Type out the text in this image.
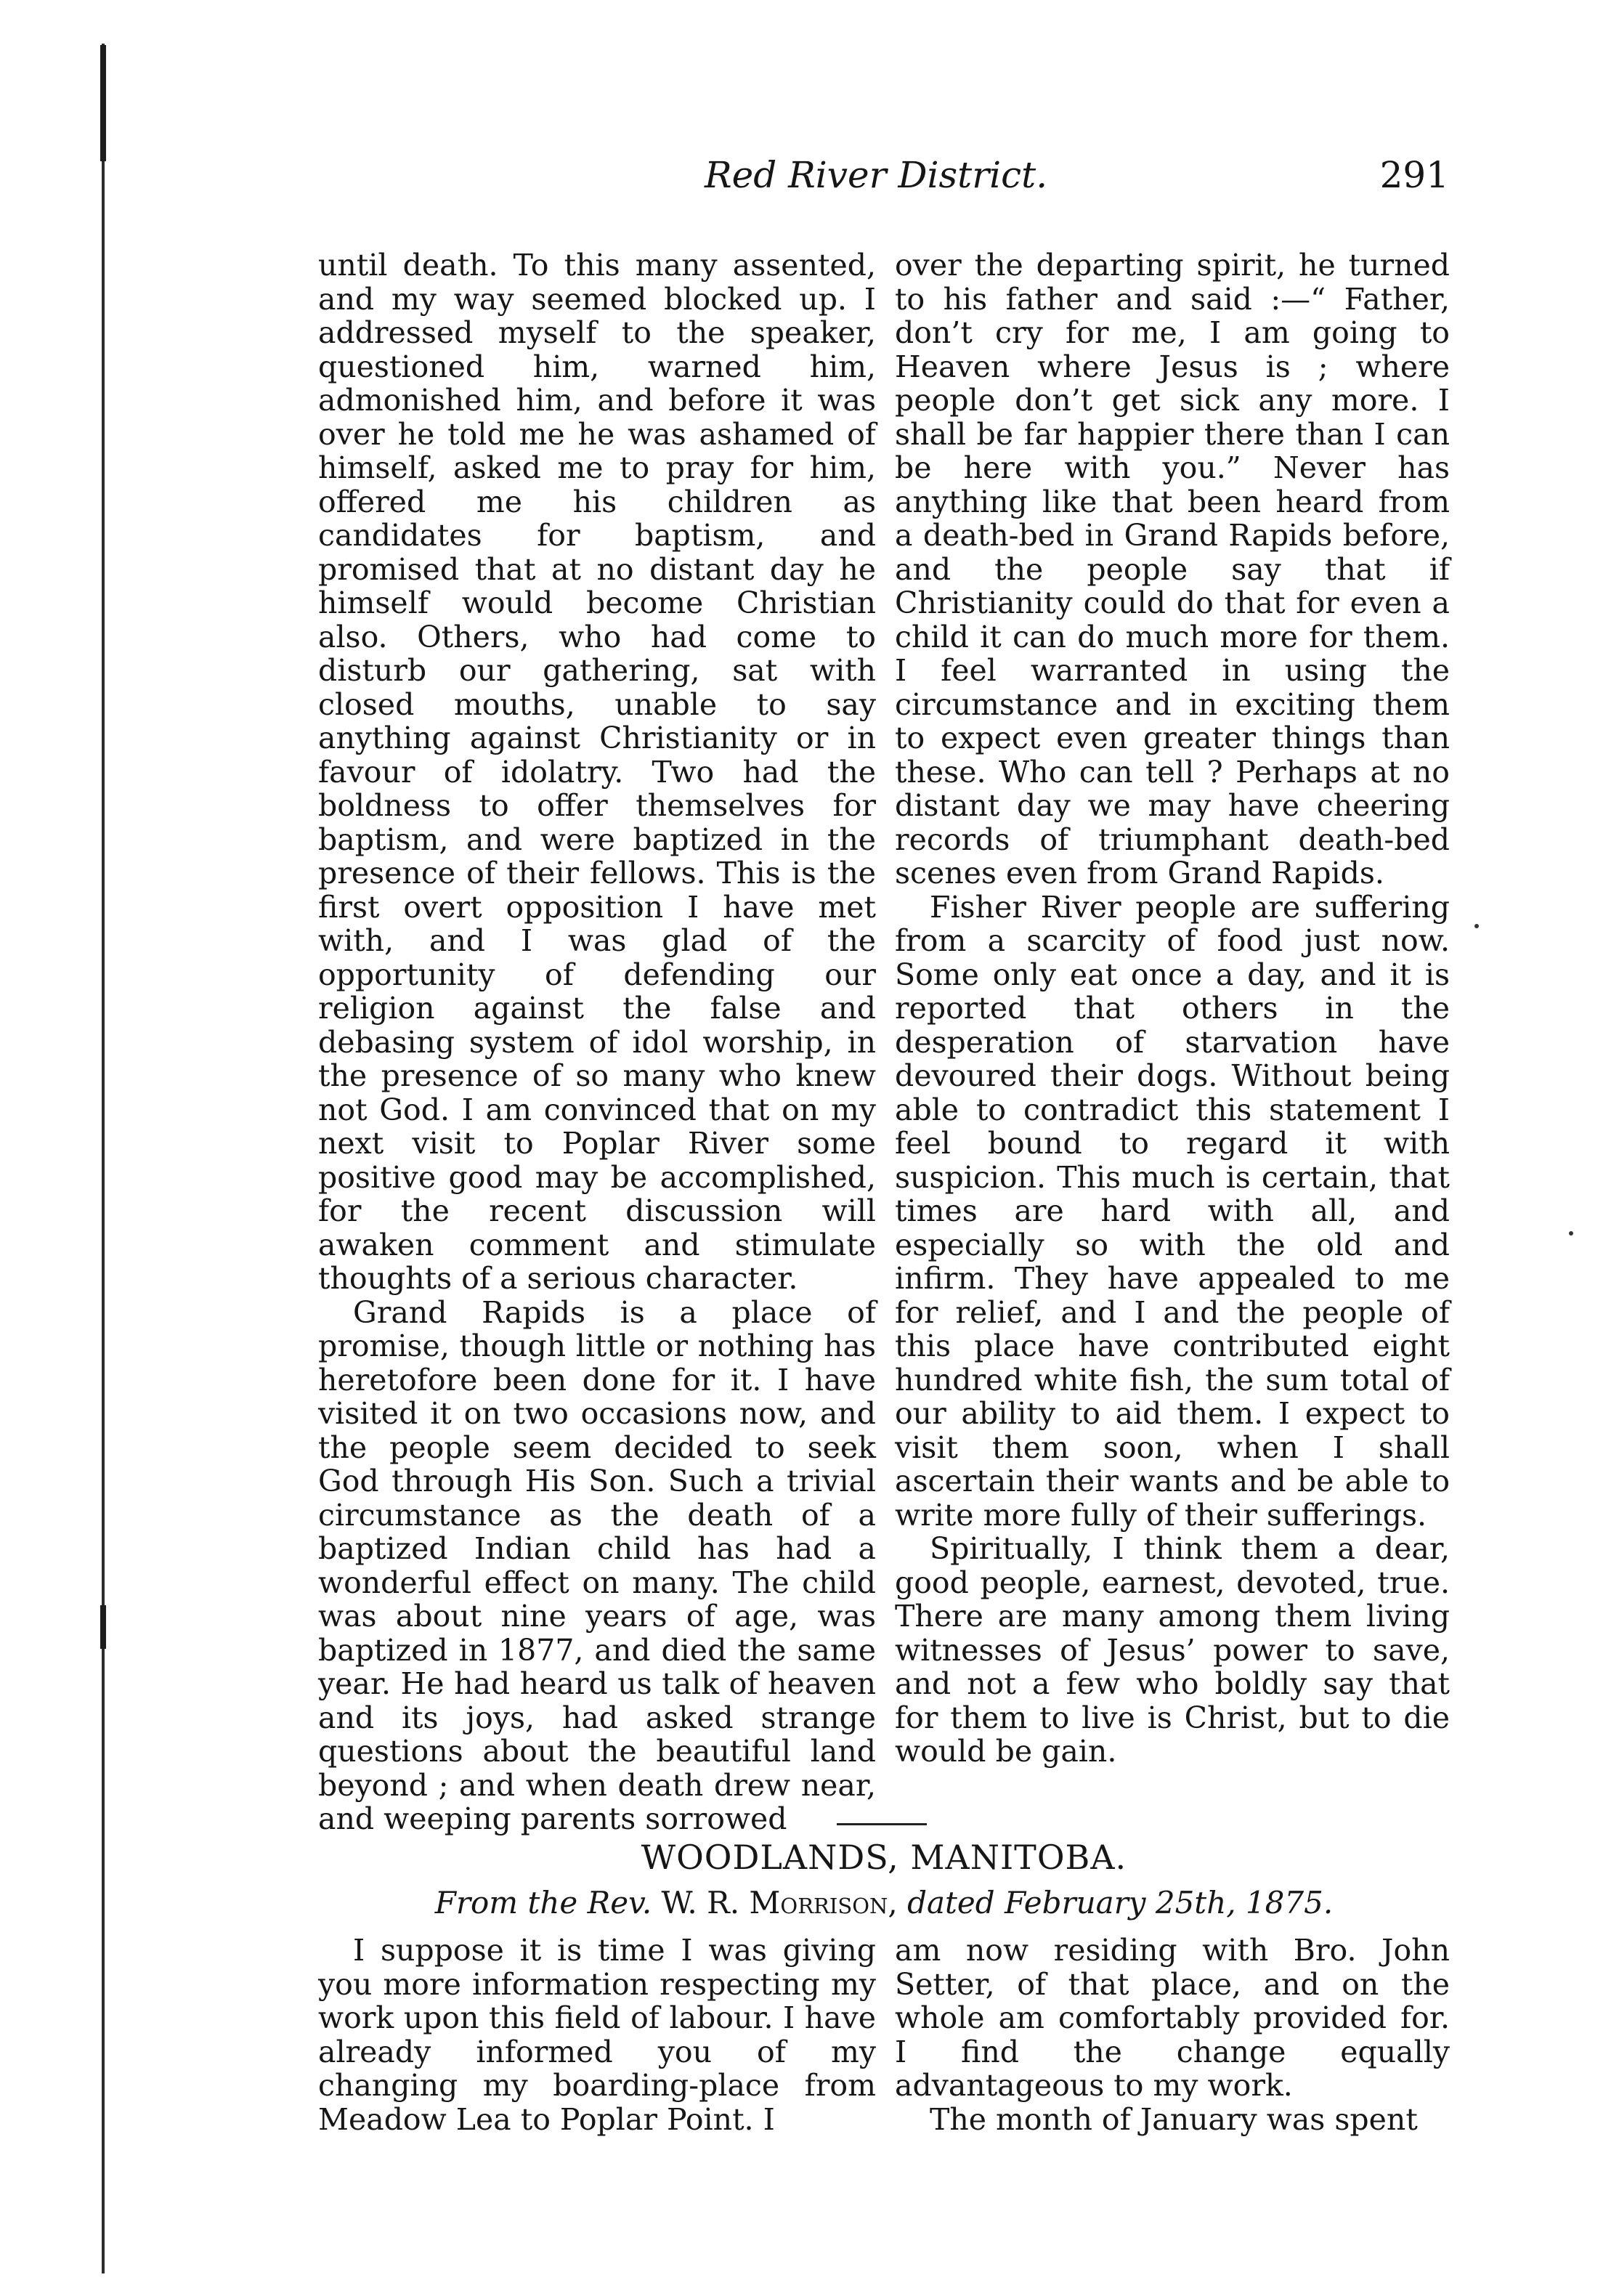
Red River District.	291

until death. To this many assented, and my way seemed blocked up. I addressed myself to the speaker, questioned him, warned him, admonished him, and before it was over he told me he was ashamed of himself, asked me to pray for him, offered me his children as candidates for baptism, and promised that at no distant day he himself would become Christian also. Others, who had come to disturb our gathering, sat with closed mouths, unable to say anything against Christianity or in favour of idolatry. Two had the boldness to offer themselves for baptism, and were baptized in the presence of their fellows. This is the first overt opposition I have met with, and I was glad of the opportunity of defending our religion against the false and debasing system of idol worship, in the presence of so many who knew not God. I am convinced that on my next visit to Poplar River some positive good may be accomplished, for the recent discussion will awaken comment and stimulate thoughts of a serious character.

Grand Rapids is a place of promise, though little or nothing has heretofore been done for it. I have visited it on two occasions now, and the people seem decided to seek God through His Son. Such a trivial circumstance as the death of a baptized Indian child has had a wonderful effect on many. The child was about nine years of age, was baptized in 1877, and died the same year. He had heard us talk of heaven and its joys, had asked strange questions about the beautiful land beyond ; and when death drew near, and weeping parents sorrowed

over the departing spirit, he turned to his father and said :—“ Father, don’t cry for me, I am going to Heaven where Jesus is ; where people don’t get sick any more. I shall be far happier there than I can be here with you.” Never has anything like that been heard from a death-bed in Grand Rapids before, and the people say that if Christianity could do that for even a child it can do much more for them. I feel warranted in using the circumstance and in exciting them to expect even greater things than these. Who can tell ? Perhaps at no distant day we may have cheering records of triumphant death-bed scenes even from Grand Rapids.

Fisher River people are suffering from a scarcity of food just now. Some only eat once a day, and it is reported that others in the desperation of starvation have devoured their dogs. Without being able to contradict this statement I feel bound to regard it with suspicion. This much is certain, that times are hard with all, and especially so with the old and infirm. They have appealed to me for relief, and I and the people of this place have contributed eight hundred white fish, the sum total of our ability to aid them. I expect to visit them soon, when I shall ascertain their wants and be able to write more fully of their sufferings.

Spiritually, I think them a dear, good people, earnest, devoted, true. There are many among them living witnesses of Jesus’ power to save, and not a few who boldly say that for them to live is Christ, but to die would be gain.

WOODLANDS, MANITOBA.
From the Rev. W. R. Morrison, dated February 25th, 1875.

I suppose it is time I was giving you more information respecting my work upon this field of labour. I have already informed you of my changing my boarding-place from Meadow Lea to Poplar Point. I

am now residing with Bro. John Setter, of that place, and on the whole am comfortably provided for. I find the change equally advantageous to my work.

The month of January was spent
